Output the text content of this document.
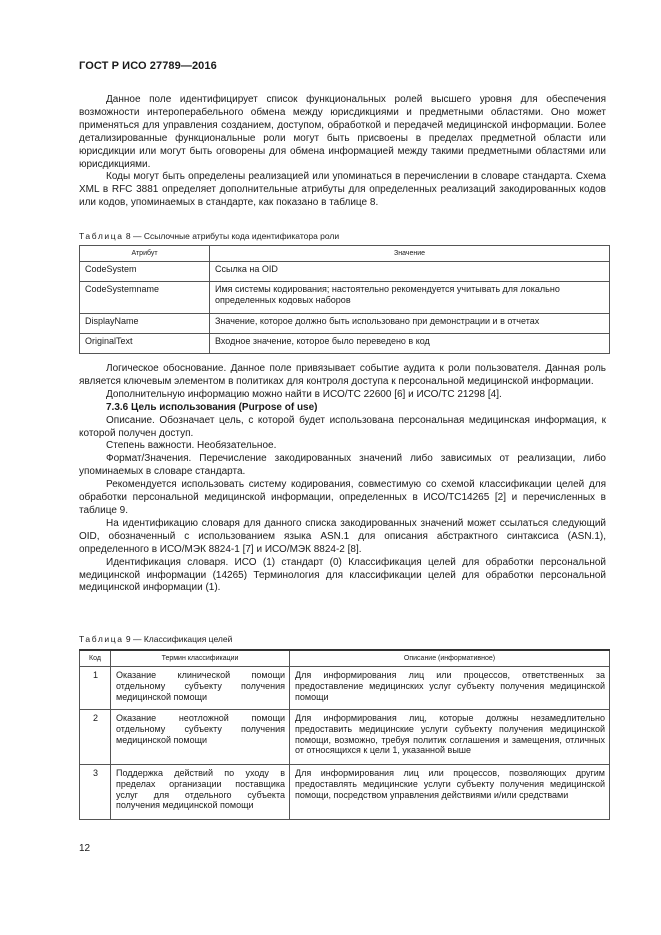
ГОСТ Р ИСО 27789—2016

Данное поле идентифицирует список функциональных ролей высшего уровня для обеспечения возможности интероперабельного обмена между юрисдикциями и предметными областями. Оно может применяться для управления созданием, доступом, обработкой и передачей медицинской информации. Более детализированные функциональные роли могут быть присвоены в пределах предметной области или юрисдикции или могут быть оговорены для обмена информацией между такими предметными областями или юрисдикциями.

Коды могут быть определены реализацией или упоминаться в перечислении в словаре стандарта. Схема XML в RFC 3881 определяет дополнительные атрибуты для определенных реализаций закодированных кодов или кодов, упоминаемых в стандарте, как показано в таблице 8.

Таблица 8 — Ссылочные атрибуты кода идентификатора роли
Атрибут	Значение
CodeSystem	Ссылка на OID
CodeSystemname	Имя системы кодирования; настоятельно рекомендуется учитывать для локально определенных кодовых наборов
DisplayName	Значение, которое должно быть использовано при демонстрации и в отчетах
OriginalText	Входное значение, которое было переведено в код

Логическое обоснование. Данное поле привязывает событие аудита к роли пользователя. Данная роль является ключевым элементом в политиках для контроля доступа к персональной медицинской информации.

Дополнительную информацию можно найти в ИСО/ТС 22600 [6] и ИСО/ТС 21298 [4].

7.3.6 Цель использования (Purpose of use)

Описание. Обозначает цель, с которой будет использована персональная медицинская информация, к которой получен доступ.

Степень важности. Необязательное.

Формат/Значения. Перечисление закодированных значений либо зависимых от реализации, либо упоминаемых в словаре стандарта.

Рекомендуется использовать систему кодирования, совместимую со схемой классификации целей для обработки персональной медицинской информации, определенных в ИСО/ТС14265 [2] и перечисленных в таблице 9.

На идентификацию словаря для данного списка закодированных значений может ссылаться следующий OID, обозначенный с использованием языка ASN.1 для описания абстрактного синтаксиса (ASN.1), определенного в ИСО/МЭК 8824-1 [7] и ИСО/МЭК 8824-2 [8].

Идентификация словаря. ИСО (1) стандарт (0) Классификация целей для обработки персональной медицинской информации (14265) Терминология для классификации целей для обработки персональной медицинской информации (1).

Таблица 9 — Классификация целей
Код	Термин классификации	Описание (информативное)
1	Оказание клинической помощи отдельному субъекту получения медицинской помощи	Для информирования лиц или процессов, ответственных за предоставление медицинских услуг субъекту получения медицинской помощи
2	Оказание неотложной помощи отдельному субъекту получения медицинской помощи	Для информирования лиц, которые должны незамедлительно предоставить медицинские услуги субъекту получения медицинской помощи, возможно, требуя политик соглашения и замещения, отличных от относящихся к цели 1, указанной выше
3	Поддержка действий по уходу в пределах организации поставщика услуг для отдельного субъекта получения медицинской помощи	Для информирования лиц или процессов, позволяющих другим предоставлять медицинские услуги субъекту получения медицинской помощи, посредством управления действиями и/или средствами
12
